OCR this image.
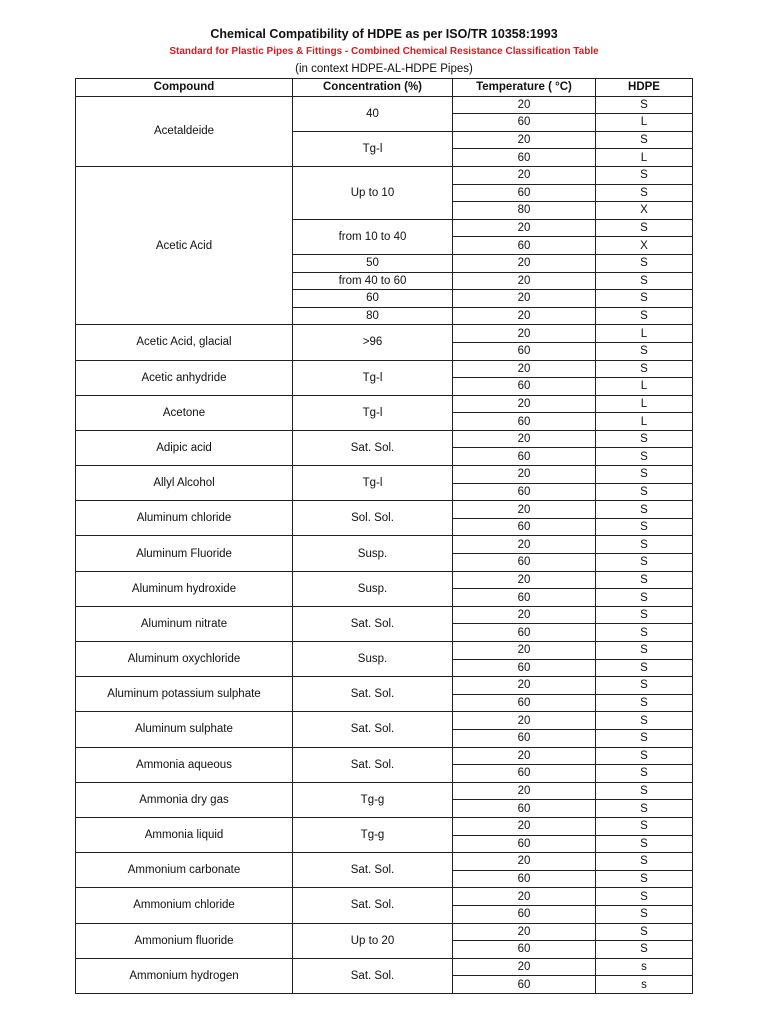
Chemical Compatibility of HDPE as per ISO/TR 10358:1993
Standard for Plastic Pipes & Fittings - Combined Chemical Resistance Classification Table
(in context HDPE-AL-HDPE Pipes)
Compound	Concentration (%)	Temperature ( °C)	HDPE
Acetaldeide	40	20	S
		60	L
	Tg-l	20	S
		60	L
Acetic Acid	Up to 10	20	S
		60	S
		80	X
	from 10 to 40	20	S
		60	X
	50	20	S
	from 40 to 60	20	S
	60	20	S
	80	20	S
Acetic Acid, glacial	>96	20	L
		60	S
Acetic anhydride	Tg-l	20	S
		60	L
Acetone	Tg-l	20	L
		60	L
Adipic acid	Sat. Sol.	20	S
		60	S
Allyl Alcohol	Tg-l	20	S
		60	S
Aluminum chloride	Sol. Sol.	20	S
		60	S
Aluminum Fluoride	Susp.	20	S
		60	S
Aluminum hydroxide	Susp.	20	S
		60	S
Aluminum nitrate	Sat. Sol.	20	S
		60	S
Aluminum oxychloride	Susp.	20	S
		60	S
Aluminum potassium sulphate	Sat. Sol.	20	S
		60	S
Aluminum sulphate	Sat. Sol.	20	S
		60	S
Ammonia aqueous	Sat. Sol.	20	S
		60	S
Ammonia dry gas	Tg-g	20	S
		60	S
Ammonia liquid	Tg-g	20	S
		60	S
Ammonium carbonate	Sat. Sol.	20	S
		60	S
Ammonium chloride	Sat. Sol.	20	S
		60	S
Ammonium fluoride	Up to 20	20	S
		60	S
Ammonium hydrogen	Sat. Sol.	20	s
		60	s
